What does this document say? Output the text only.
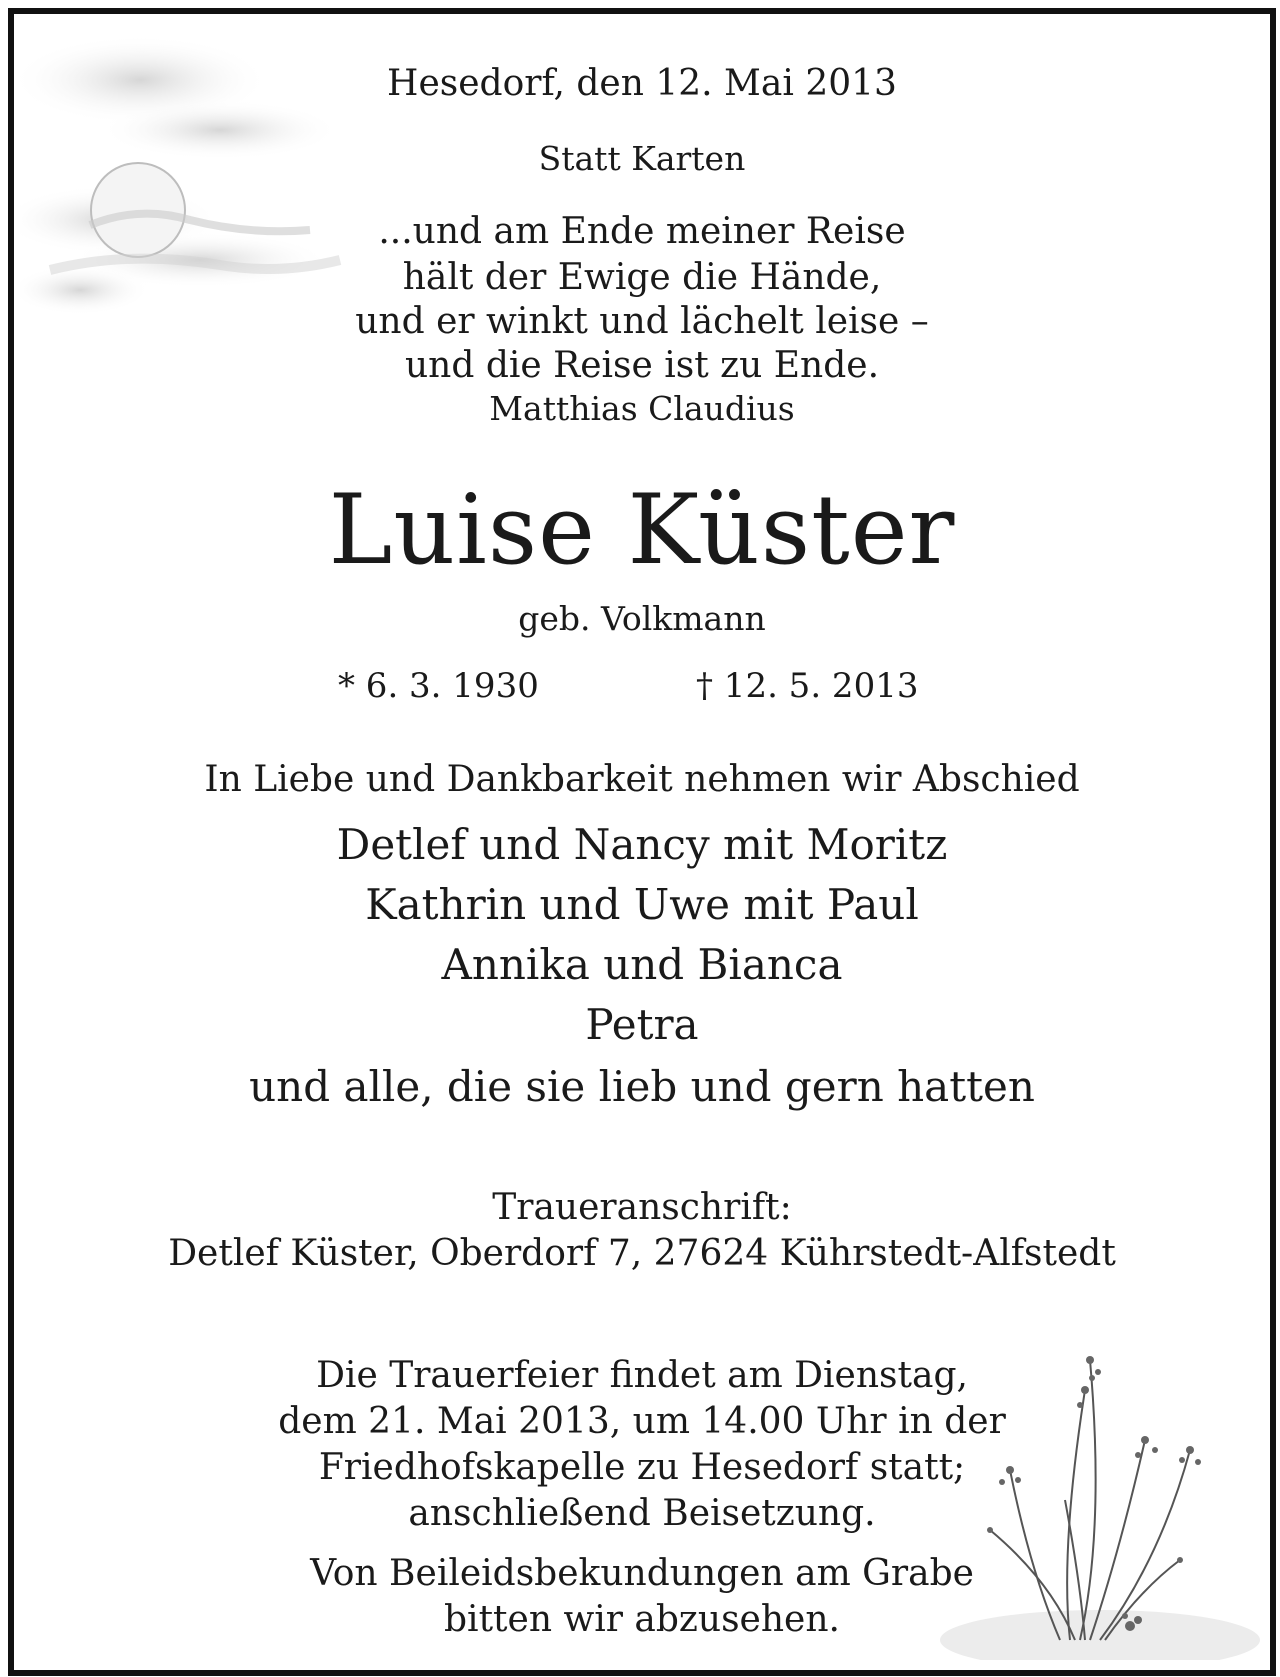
Hesedorf, den 12. Mai 2013
Statt Karten
...und am Ende meiner Reise
hält der Ewige die Hände,
und er winkt und lächelt leise –
und die Reise ist zu Ende.
Matthias Claudius
Luise Küster
geb. Volkmann
* 6. 3. 1930	† 12. 5. 2013
In Liebe und Dankbarkeit nehmen wir Abschied
Detlef und Nancy mit Moritz
Kathrin und Uwe mit Paul
Annika und Bianca
Petra
und alle, die sie lieb und gern hatten
Traueranschrift:
Detlef Küster, Oberdorf 7, 27624 Kührstedt-Alfstedt
Die Trauerfeier findet am Dienstag,
dem 21. Mai 2013, um 14.00 Uhr in der
Friedhofskapelle zu Hesedorf statt;
anschließend Beisetzung.
Von Beileidsbekundungen am Grabe
bitten wir abzusehen.
